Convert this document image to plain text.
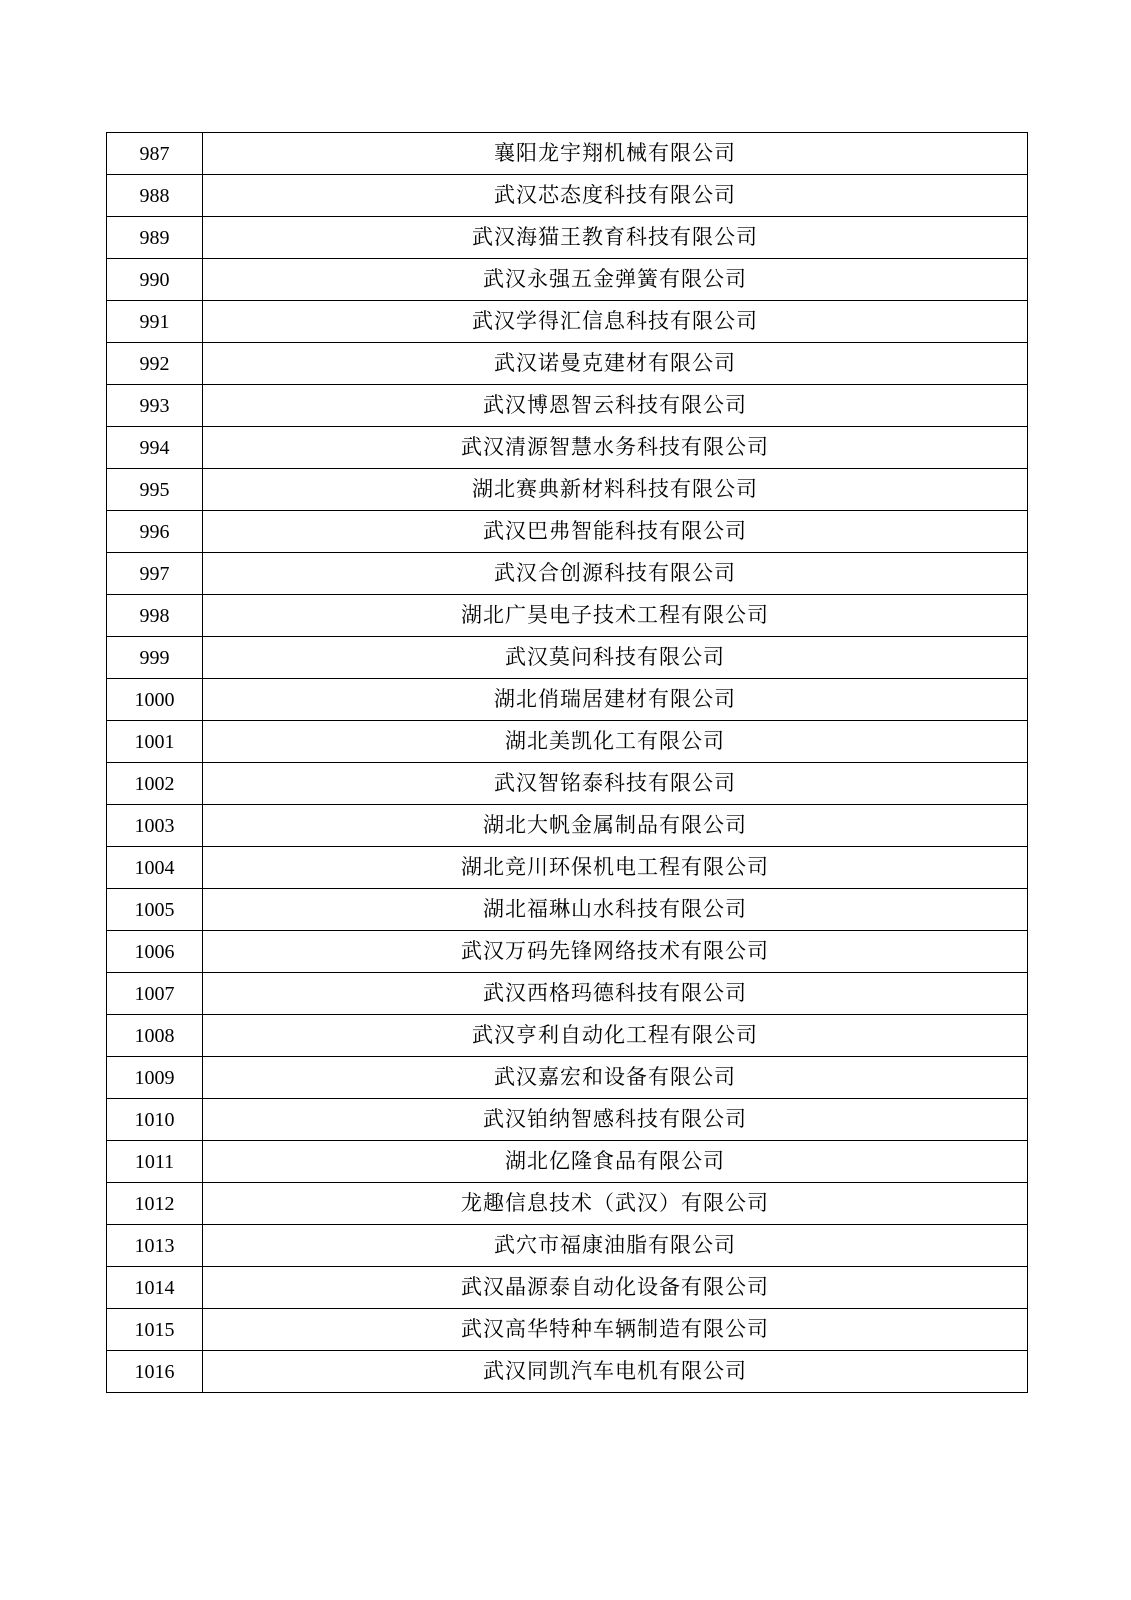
987	襄阳龙宇翔机械有限公司
988	武汉芯态度科技有限公司
989	武汉海猫王教育科技有限公司
990	武汉永强五金弹簧有限公司
991	武汉学得汇信息科技有限公司
992	武汉诺曼克建材有限公司
993	武汉博恩智云科技有限公司
994	武汉清源智慧水务科技有限公司
995	湖北赛典新材料科技有限公司
996	武汉巴弗智能科技有限公司
997	武汉合创源科技有限公司
998	湖北广昊电子技术工程有限公司
999	武汉莫问科技有限公司
1000	湖北俏瑞居建材有限公司
1001	湖北美凯化工有限公司
1002	武汉智铭泰科技有限公司
1003	湖北大帆金属制品有限公司
1004	湖北竞川环保机电工程有限公司
1005	湖北福琳山水科技有限公司
1006	武汉万码先锋网络技术有限公司
1007	武汉西格玛德科技有限公司
1008	武汉亨利自动化工程有限公司
1009	武汉嘉宏和设备有限公司
1010	武汉铂纳智感科技有限公司
1011	湖北亿隆食品有限公司
1012	龙趣信息技术（武汉）有限公司
1013	武穴市福康油脂有限公司
1014	武汉晶源泰自动化设备有限公司
1015	武汉高华特种车辆制造有限公司
1016	武汉同凯汽车电机有限公司
